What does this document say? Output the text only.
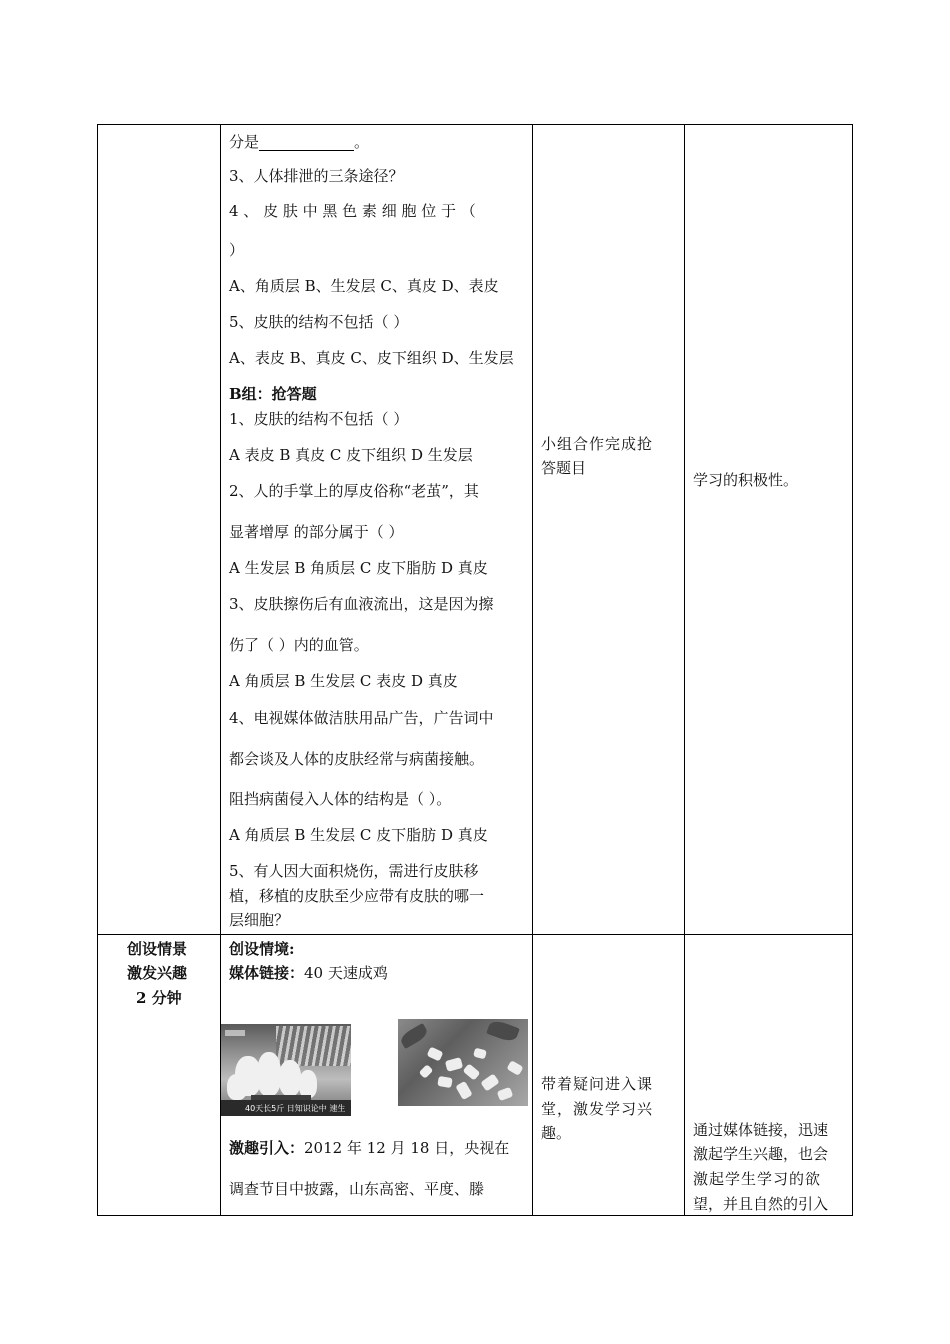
分是	。
3、人体排泄的三条途径？
4 、 皮 肤 中 黑 色 素 细 胞 位 于 （
）
A、角质层 B、生发层 C、真皮 D、表皮
5、皮肤的结构不包括（ ）
A、表皮 B、真皮 C、皮下组织 D、生发层
B组：抢答题
1、皮肤的结构不包括（ ）
A 表皮 B 真皮 C 皮下组织 D 生发层
2、人的手掌上的厚皮俗称“老茧”，其
显著增厚 的部分属于（ ）
A 生发层 B 角质层 C 皮下脂肪 D 真皮
3、皮肤擦伤后有血液流出，这是因为擦
伤了（ ）内的血管。
A 角质层 B 生发层 C 表皮 D 真皮
4、电视媒体做洁肤用品广告，广告词中
都会谈及人体的皮肤经常与病菌接触。
阻挡病菌侵入人体的结构是（ ）。
A 角质层 B 生发层 C 皮下脂肪 D 真皮
5、有人因大面积烧伤，需进行皮肤移
植，移植的皮肤至少应带有皮肤的哪一
层细胞？
小组合作完成抢
答题目
学习的积极性。
创设情景
激发兴趣
2 分钟
创设情境:
媒体链接：40 天速成鸡
40天长5斤 日知识论中 速生
激趣引入：2012 年 12 月 18 日，央视在
调查节目中披露，山东高密、平度、滕
带着疑问进入课
堂，激发学习兴
趣。	通过媒体链接，迅速
激起学生兴趣，也会
激起学生学习的欲
望，并且自然的引入
